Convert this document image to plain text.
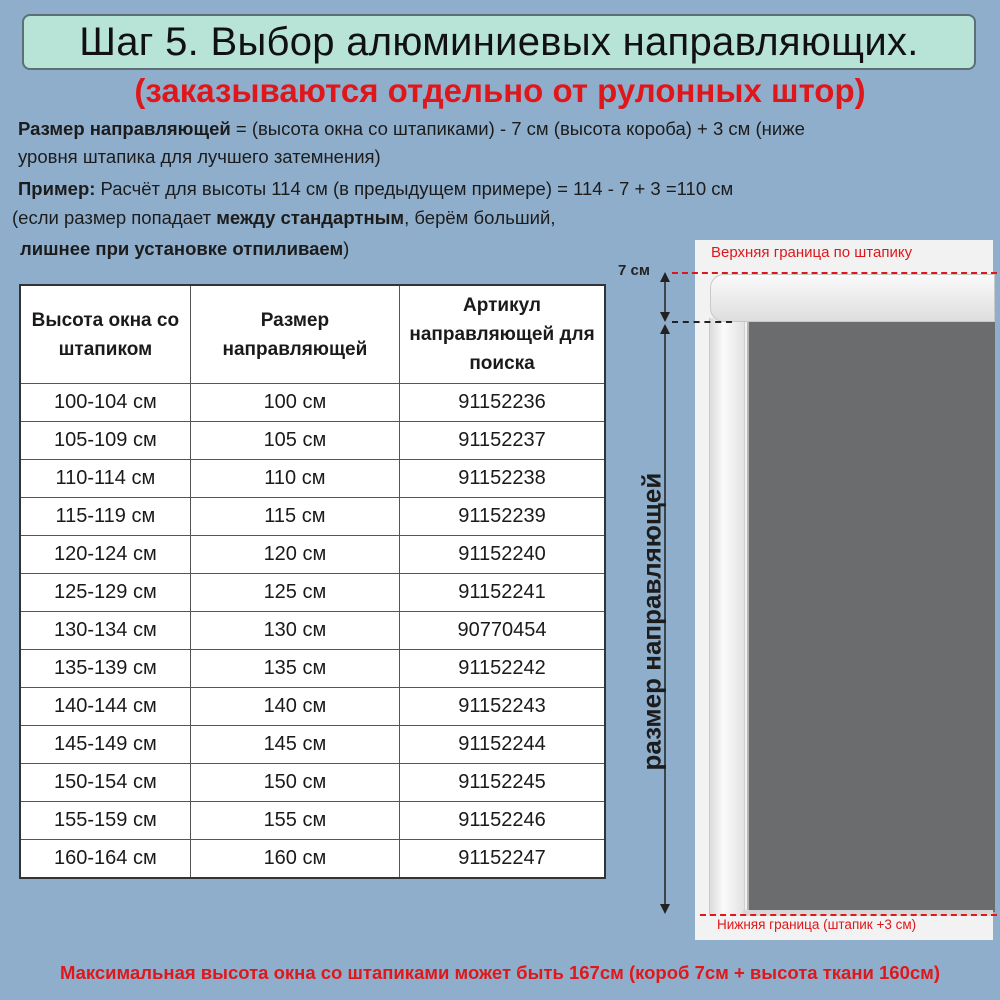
Шаг 5. Выбор алюминиевых направляющих.
(заказываются отдельно от рулонных штор)
Размер направляющей = (высота окна со штапиками) - 7 см (высота короба) + 3 см (ниже
уровня штапика для лучшего затемнения)
Пример: Расчёт для высоты 114 см (в предыдущем примере) = 114 - 7 + 3 =110 см
(если размер попадает между стандартным, берём бoльший,
лишнее при установке отпиливаем)
Высота окна со штапиком	Размер направляющей	Артикул направляющей для поиска
100-104 см	100 см	91152236
105-109 см	105 см	91152237
110-114 см	110 см	91152238
115-119 см	115 см	91152239
120-124 см	120 см	91152240
125-129 см	125 см	91152241
130-134 см	130 см	90770454
135-139 см	135 см	91152242
140-144 см	140 см	91152243
145-149 см	145 см	91152244
150-154 см	150 см	91152245
155-159 см	155 см	91152246
160-164 см	160 см	91152247
Верхняя граница по штапику
7 см
размер направляющей
Нижняя граница (штапик +3 см)
Максимальная высота окна со штапиками может быть 167см (короб 7см + высота ткани 160см)
